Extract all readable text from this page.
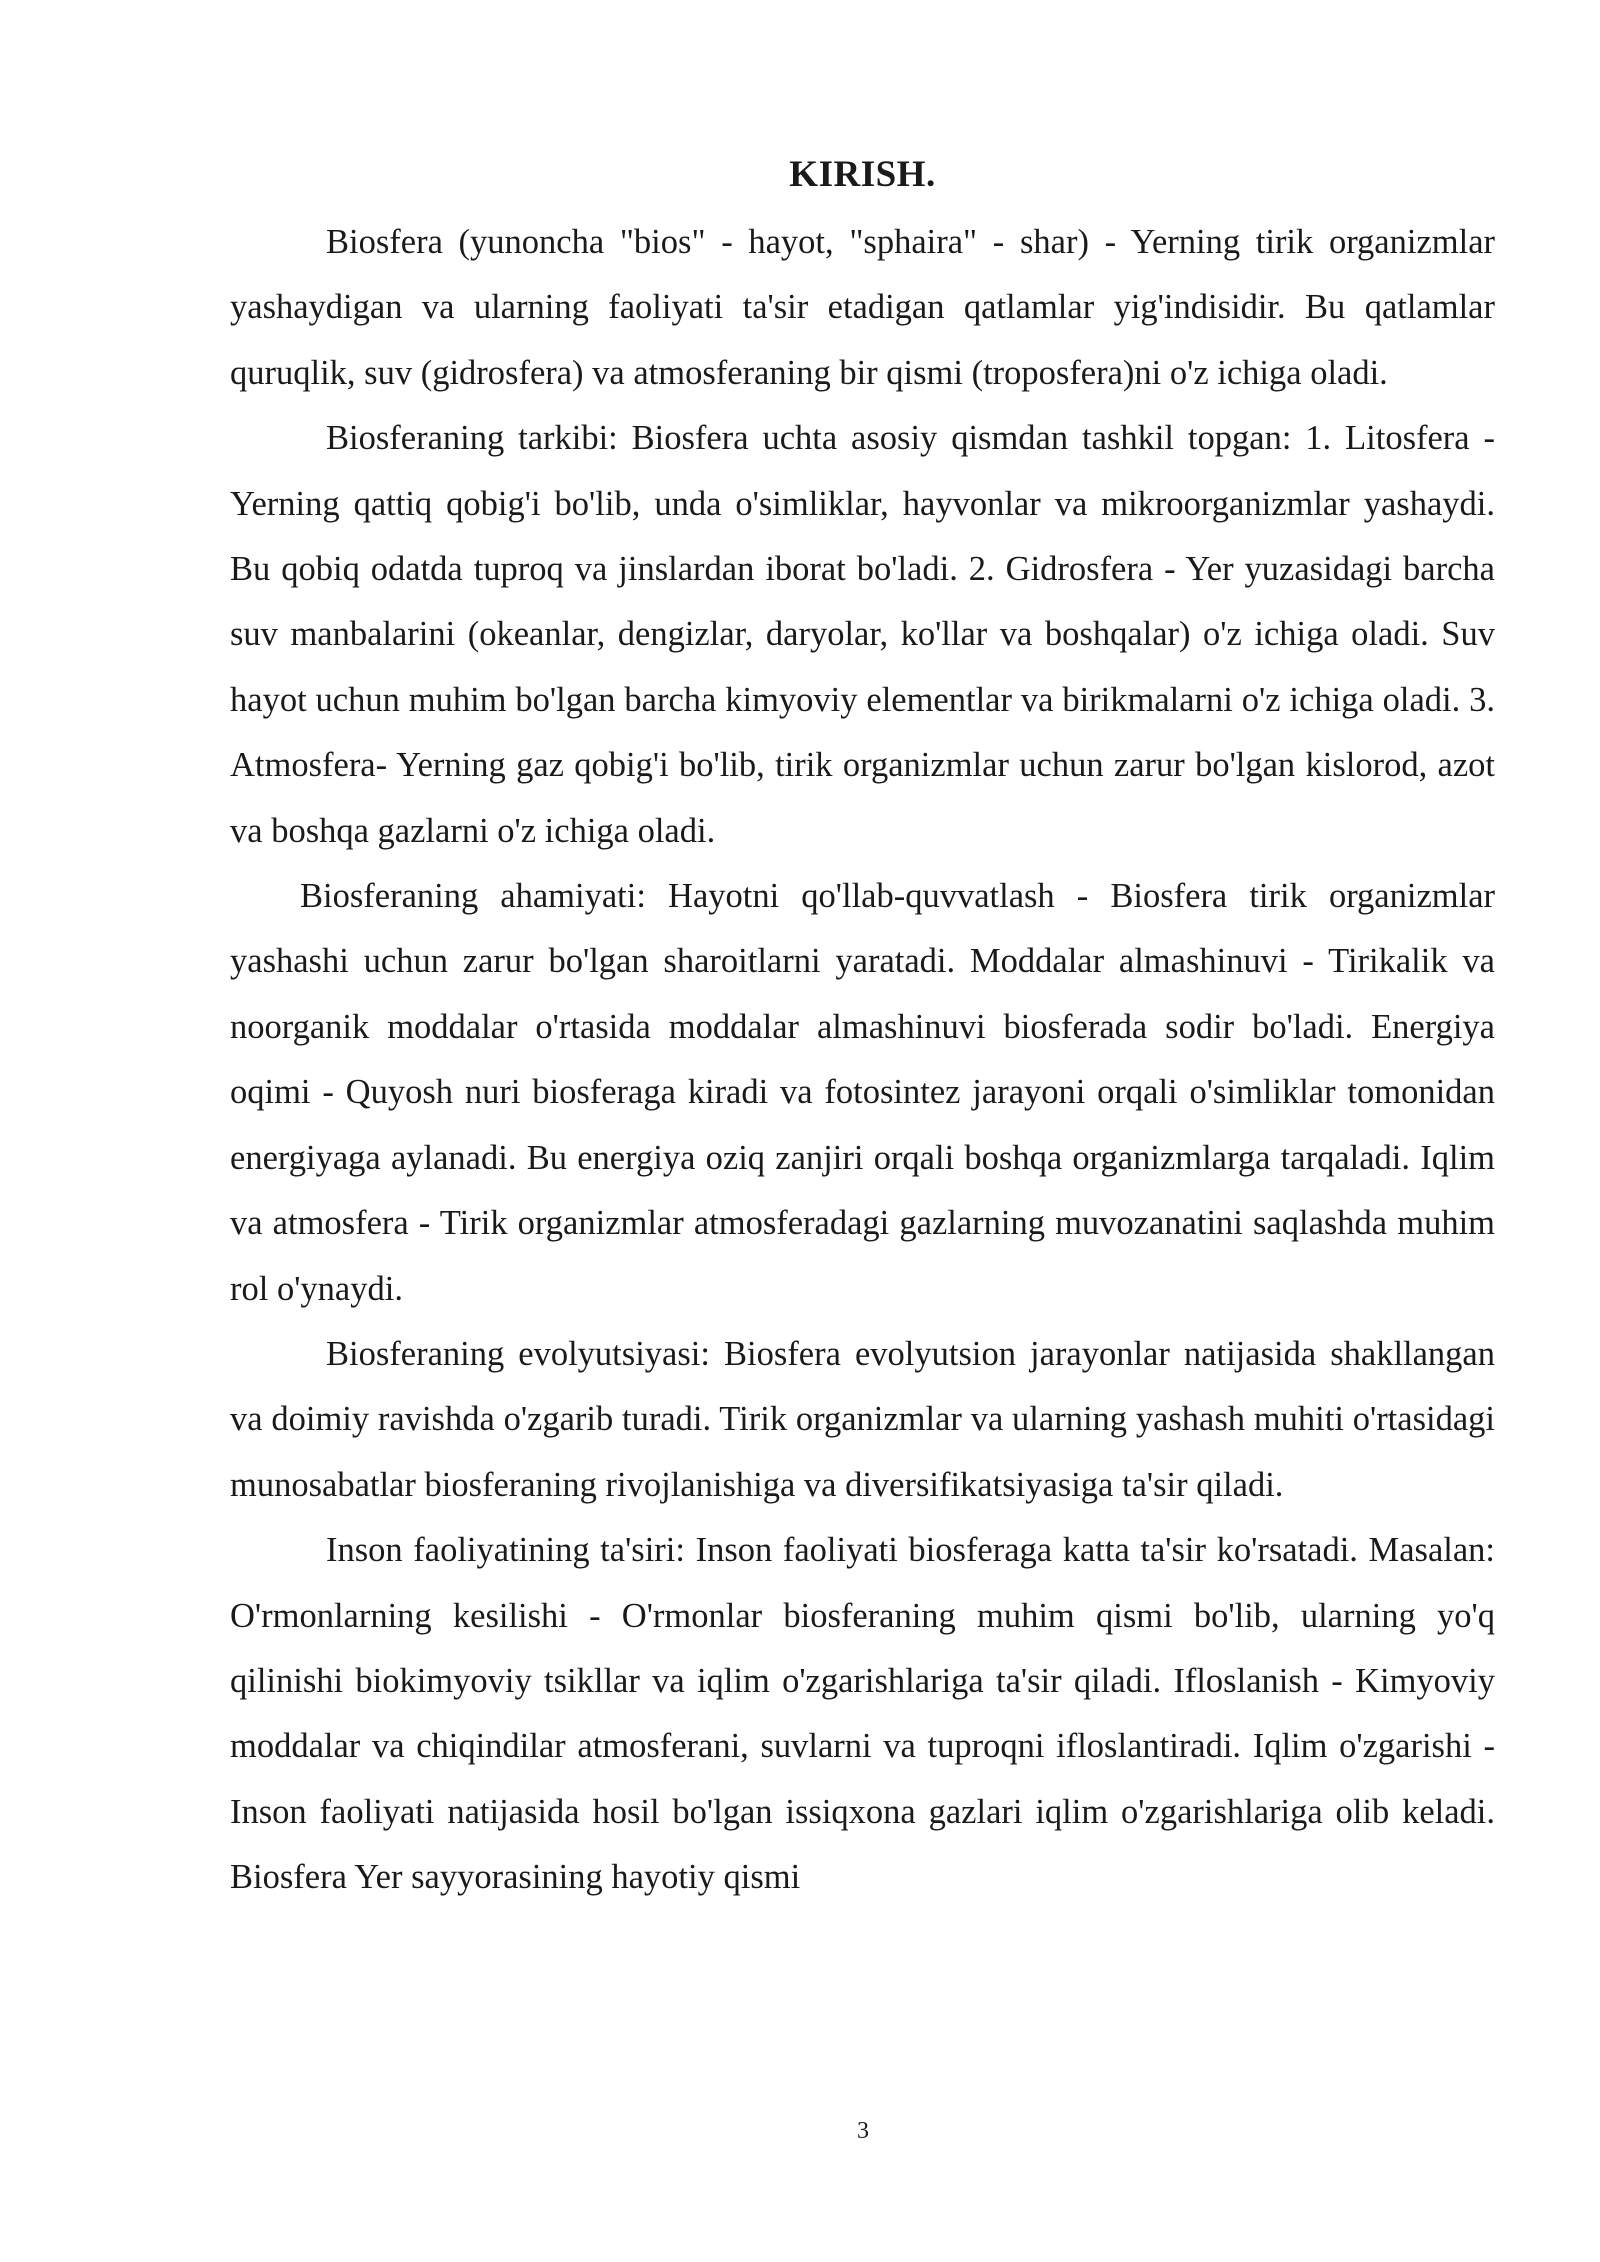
KIRISH.

Biosfera (yunoncha "bios" - hayot, "sphaira" - shar) - Yerning tirik organizmlar yashaydigan va ularning faoliyati ta'sir etadigan qatlamlar yig'indisidir. Bu qatlamlar quruqlik, suv (gidrosfera) va atmosferaning bir qismi (troposfera)ni o'z ichiga oladi.

Biosferaning tarkibi: Biosfera uchta asosiy qismdan tashkil topgan: 1. Litosfera - Yerning qattiq qobig'i bo'lib, unda o'simliklar, hayvonlar va mikroorganizmlar yashaydi. Bu qobiq odatda tuproq va jinslardan iborat bo'ladi. 2. Gidrosfera - Yer yuzasidagi barcha suv manbalarini (okeanlar, dengizlar, daryolar, ko'llar va boshqalar) o'z ichiga oladi. Suv hayot uchun muhim bo'lgan barcha kimyoviy elementlar va birikmalarni o'z ichiga oladi. 3. Atmosfera- Yerning gaz qobig'i bo'lib, tirik organizmlar uchun zarur bo'lgan kislorod, azot va boshqa gazlarni o'z ichiga oladi.

Biosferaning ahamiyati: Hayotni qo'llab-quvvatlash - Biosfera tirik organizmlar yashashi uchun zarur bo'lgan sharoitlarni yaratadi. Moddalar almashinuvi - Tirikalik va noorganik moddalar o'rtasida moddalar almashinuvi biosferada sodir bo'ladi. Energiya oqimi - Quyosh nuri biosferaga kiradi va fotosintez jarayoni orqali o'simliklar tomonidan energiyaga aylanadi. Bu energiya oziq zanjiri orqali boshqa organizmlarga tarqaladi. Iqlim va atmosfera - Tirik organizmlar atmosferadagi gazlarning muvozanatini saqlashda muhim rol o'ynaydi.

Biosferaning evolyutsiyasi: Biosfera evolyutsion jarayonlar natijasida shakllangan va doimiy ravishda o'zgarib turadi. Tirik organizmlar va ularning yashash muhiti o'rtasidagi munosabatlar biosferaning rivojlanishiga va diversifikatsiyasiga ta'sir qiladi.

Inson faoliyatining ta'siri: Inson faoliyati biosferaga katta ta'sir ko'rsatadi. Masalan: O'rmonlarning kesilishi - O'rmonlar biosferaning muhim qismi bo'lib, ularning yo'q qilinishi biokimyoviy tsikllar va iqlim o'zgarishlariga ta'sir qiladi. Ifloslanish - Kimyoviy moddalar va chiqindilar atmosferani, suvlarni va tuproqni ifloslantiradi. Iqlim o'zgarishi - Inson faoliyati natijasida hosil bo'lgan issiqxona gazlari iqlim o'zgarishlariga olib keladi. Biosfera Yer sayyorasining hayotiy qismi

3
